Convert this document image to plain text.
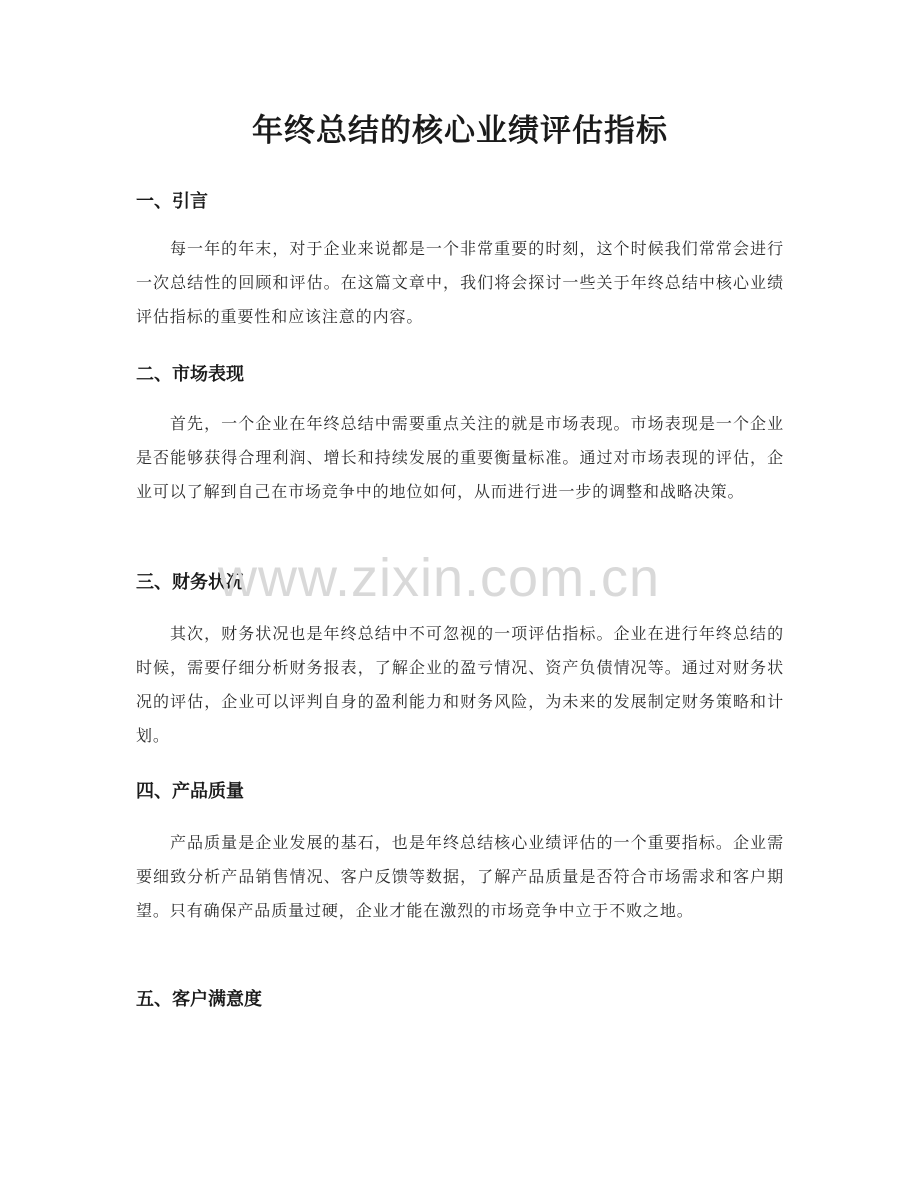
年终总结的核心业绩评估指标
一、引言

每一年的年末，对于企业来说都是一个非常重要的时刻，这个时候我们常常会进行一次总结性的回顾和评估。在这篇文章中，我们将会探讨一些关于年终总结中核心业绩评估指标的重要性和应该注意的内容。

二、市场表现

首先，一个企业在年终总结中需要重点关注的就是市场表现。市场表现是一个企业是否能够获得合理利润、增长和持续发展的重要衡量标准。通过对市场表现的评估，企业可以了解到自己在市场竞争中的地位如何，从而进行进一步的调整和战略决策。

三、财务状况

其次，财务状况也是年终总结中不可忽视的一项评估指标。企业在进行年终总结的时候，需要仔细分析财务报表，了解企业的盈亏情况、资产负债情况等。通过对财务状况的评估，企业可以评判自身的盈利能力和财务风险，为未来的发展制定财务策略和计划。

四、产品质量

产品质量是企业发展的基石，也是年终总结核心业绩评估的一个重要指标。企业需要细致分析产品销售情况、客户反馈等数据，了解产品质量是否符合市场需求和客户期望。只有确保产品质量过硬，企业才能在激烈的市场竞争中立于不败之地。

五、客户满意度
www.zixin.com.cn
